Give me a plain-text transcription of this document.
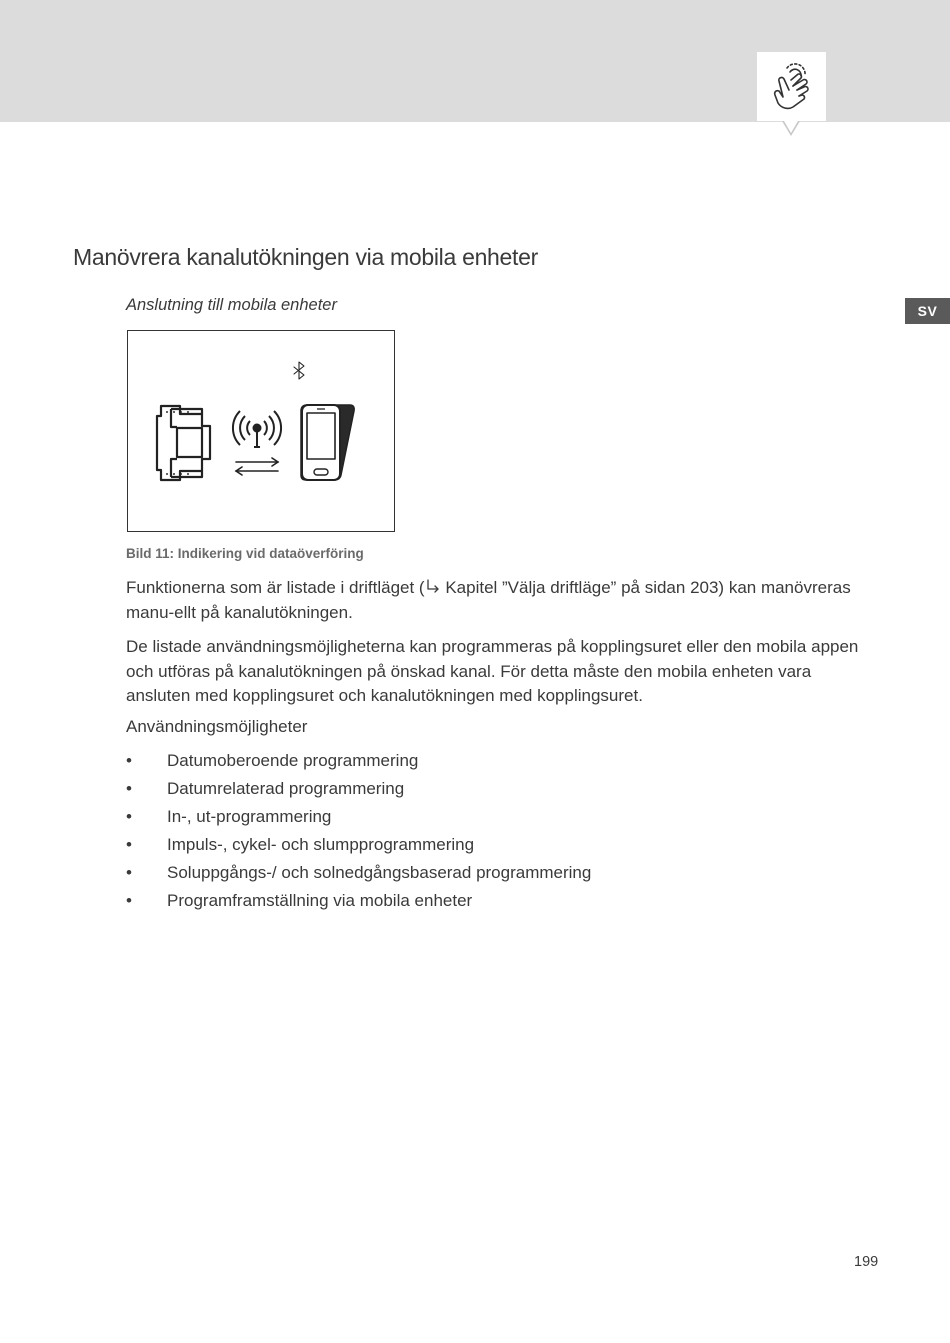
SV
Manövrera kanalutökningen via mobila enheter
Anslutning till mobila enheter
Bild 11: Indikering vid dataöverföring

Funktionerna som är listade i driftläget ( Kapitel ”Välja driftläge” på sidan 203) kan manövreras manu-ellt på kanalutökningen.

De listade användningsmöjligheterna kan programmeras på kopplingsuret eller den mobila appen och utföras på kanalutökningen på önskad kanal. För detta måste den mobila enheten vara ansluten med kopplingsuret och kanalutökningen med kopplingsuret.

Användningsmöjligheter
•	Datumoberoende programmering
•	Datumrelaterad programmering
•	In-, ut-programmering
•	Impuls-, cykel- och slumpprogrammering
•	Soluppgångs-/ och solnedgångsbaserad programmering
•	Programframställning via mobila enheter
199
